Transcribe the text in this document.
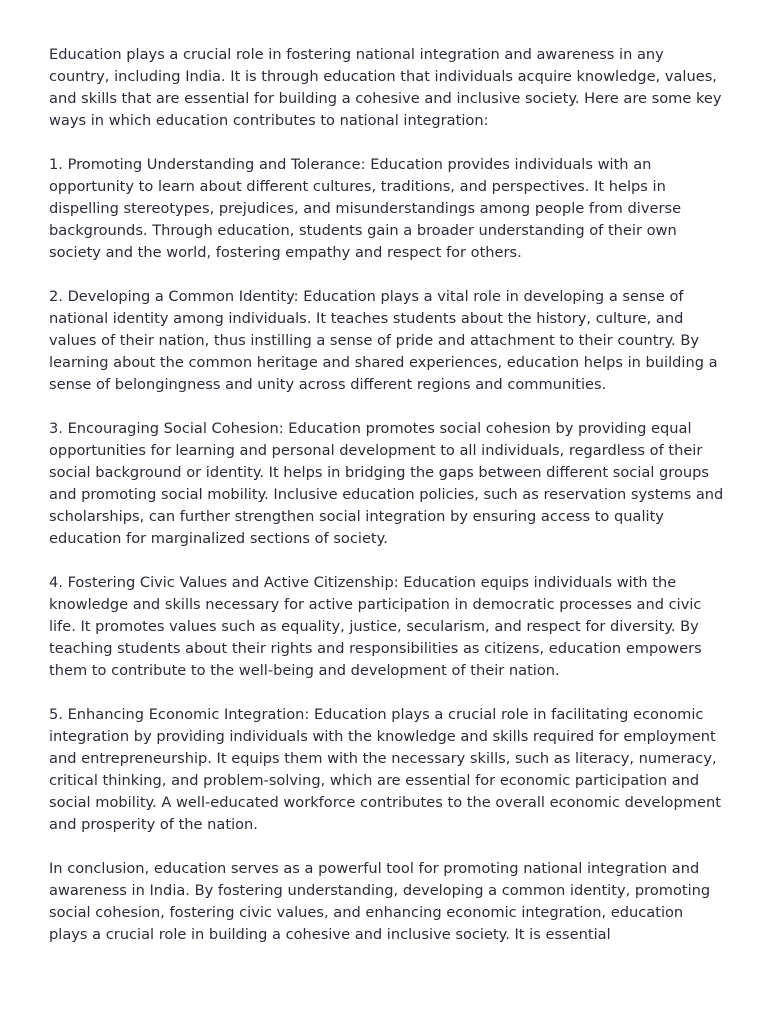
Education plays a crucial role in fostering national integration and awareness in any country, including India. It is through education that individuals acquire knowledge, values, and skills that are essential for building a cohesive and inclusive society. Here are some key ways in which education contributes to national integration:

1. Promoting Understanding and Tolerance: Education provides individuals with an opportunity to learn about different cultures, traditions, and perspectives. It helps in dispelling stereotypes, prejudices, and misunderstandings among people from diverse backgrounds. Through education, students gain a broader understanding of their own society and the world, fostering empathy and respect for others.

2. Developing a Common Identity: Education plays a vital role in developing a sense of national identity among individuals. It teaches students about the history, culture, and values of their nation, thus instilling a sense of pride and attachment to their country. By learning about the common heritage and shared experiences, education helps in building a sense of belongingness and unity across different regions and communities.

3. Encouraging Social Cohesion: Education promotes social cohesion by providing equal opportunities for learning and personal development to all individuals, regardless of their social background or identity. It helps in bridging the gaps between different social groups and promoting social mobility. Inclusive education policies, such as reservation systems and scholarships, can further strengthen social integration by ensuring access to quality education for marginalized sections of society.

4. Fostering Civic Values and Active Citizenship: Education equips individuals with the knowledge and skills necessary for active participation in democratic processes and civic life. It promotes values such as equality, justice, secularism, and respect for diversity. By teaching students about their rights and responsibilities as citizens, education empowers them to contribute to the well-being and development of their nation.

5. Enhancing Economic Integration: Education plays a crucial role in facilitating economic integration by providing individuals with the knowledge and skills required for employment and entrepreneurship. It equips them with the necessary skills, such as literacy, numeracy, critical thinking, and problem-solving, which are essential for economic participation and social mobility. A well-educated workforce contributes to the overall economic development and prosperity of the nation.

In conclusion, education serves as a powerful tool for promoting national integration and awareness in India. By fostering understanding, developing a common identity, promoting social cohesion, fostering civic values, and enhancing economic integration, education plays a crucial role in building a cohesive and inclusive society. It is essential
